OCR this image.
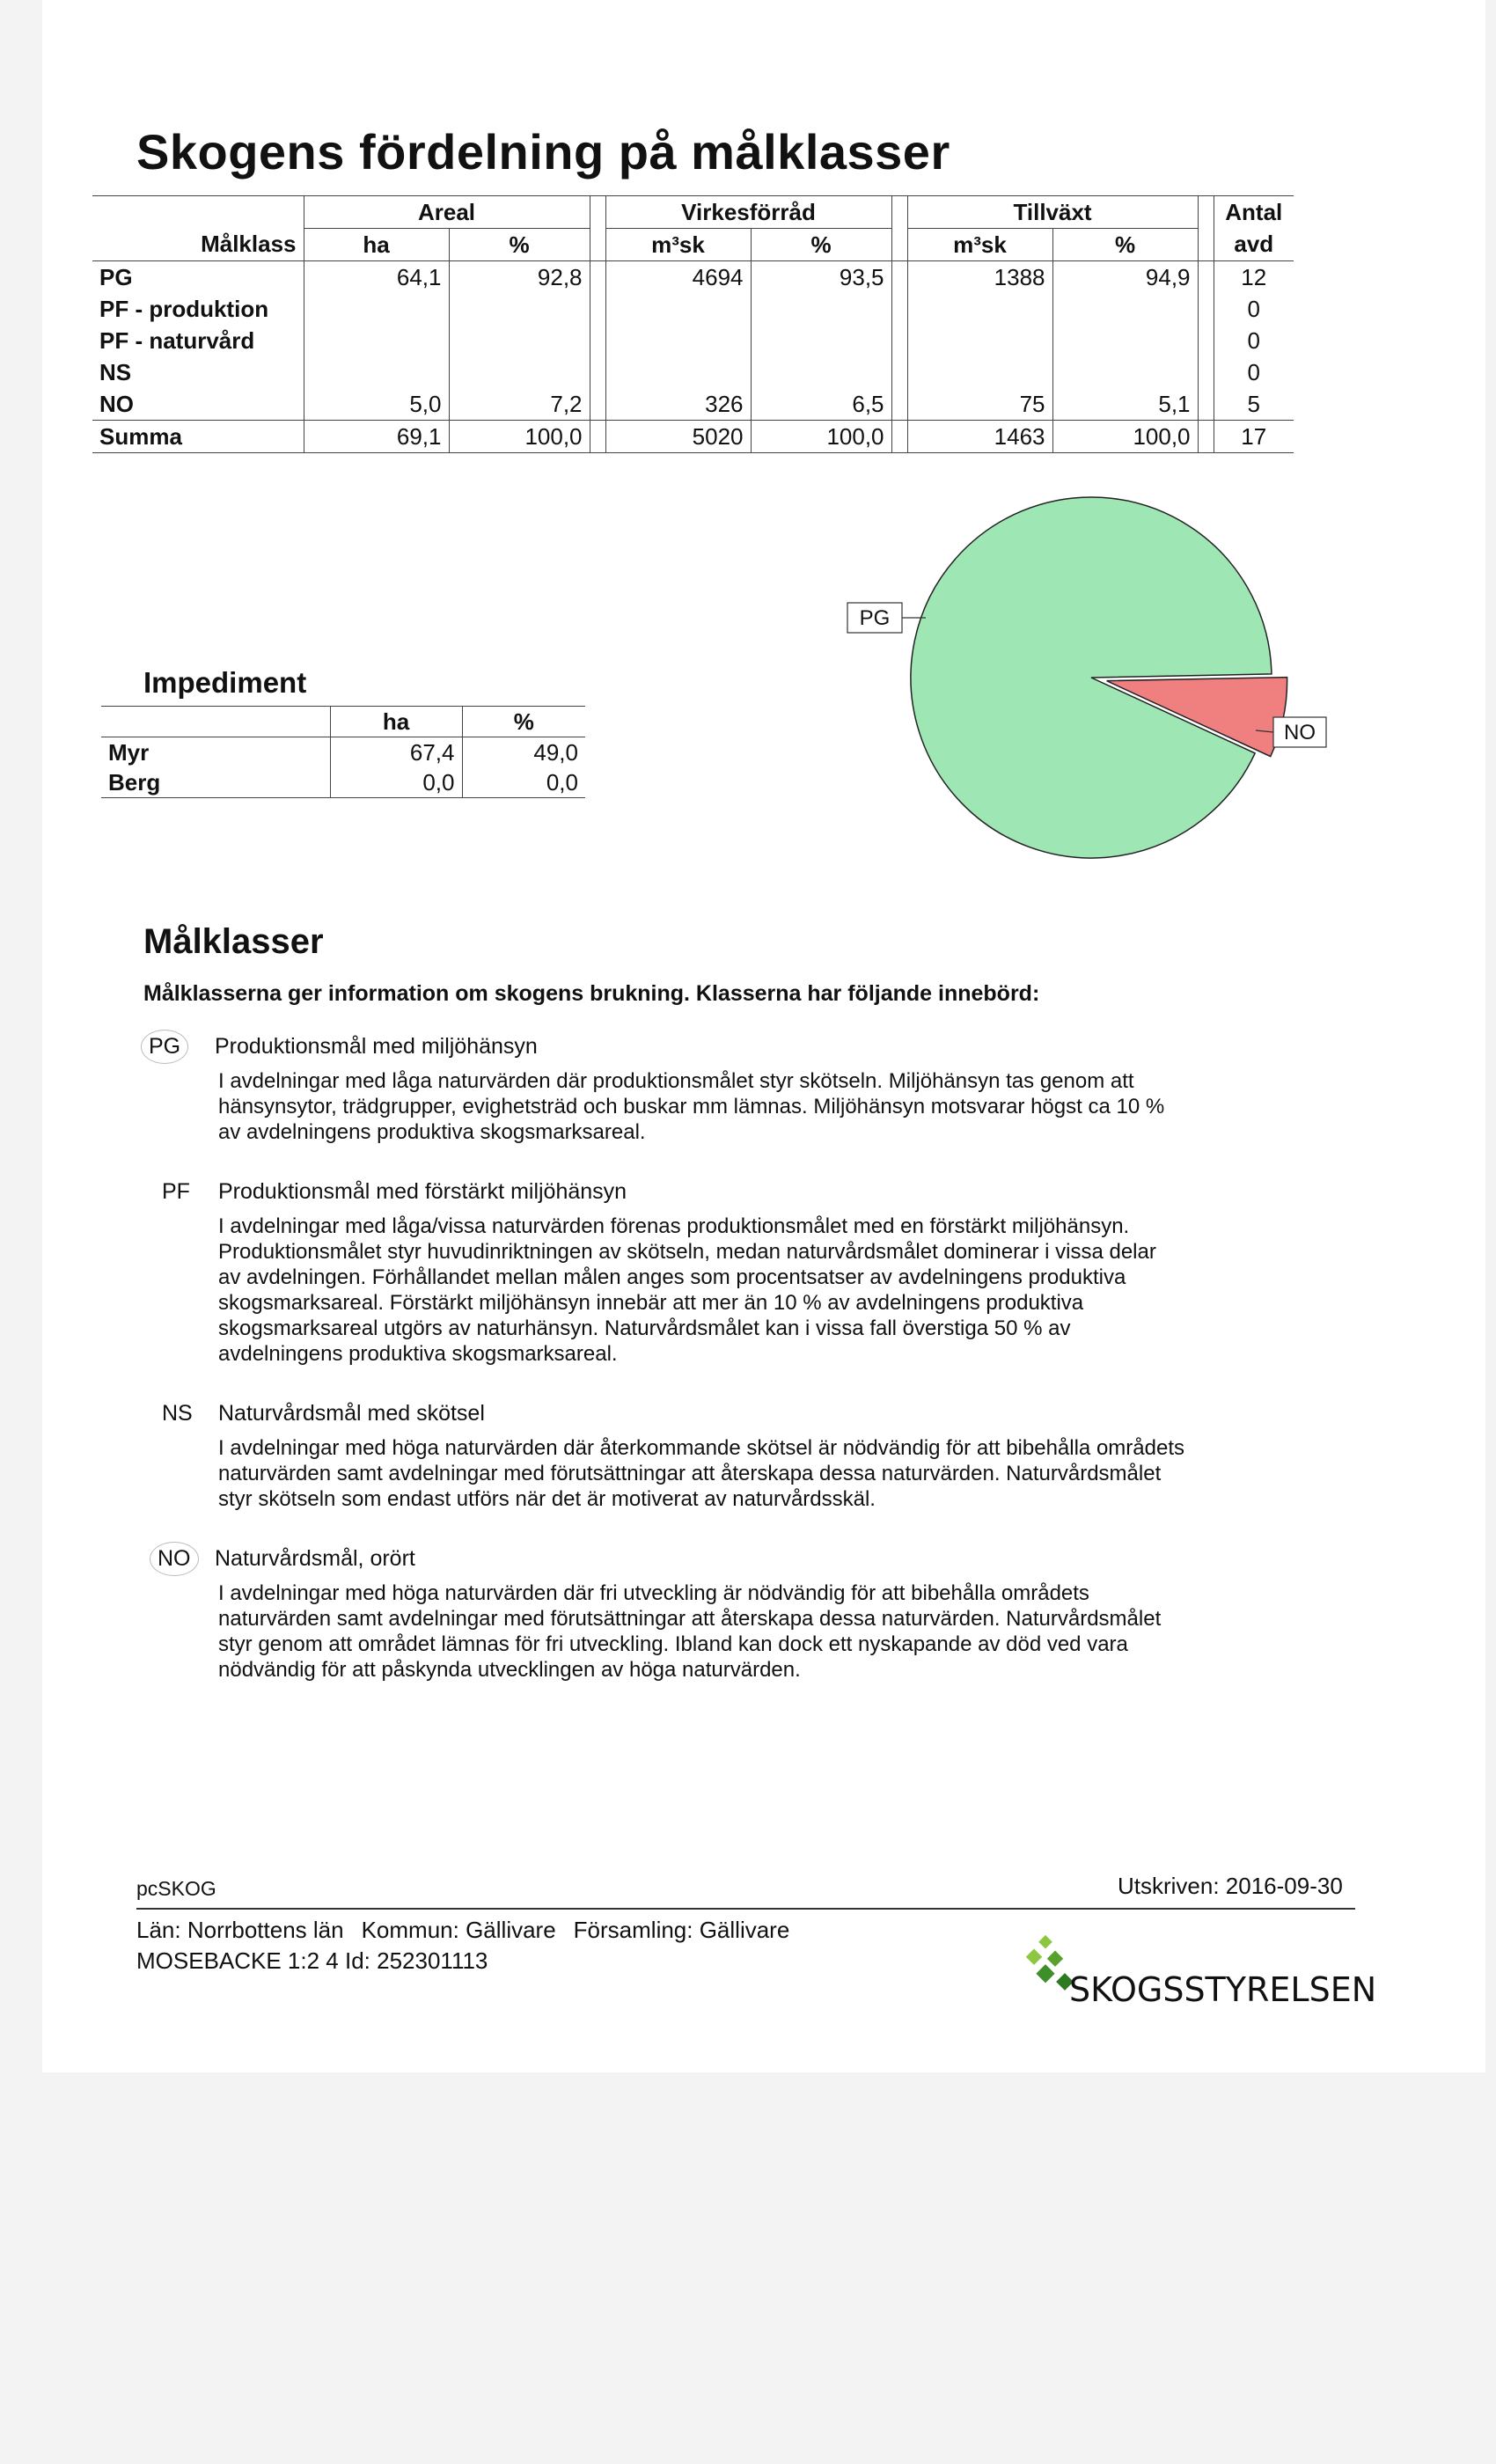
Skogens fördelning på målklasser
	Areal			Virkesförråd			Tillväxt			Antal
Målklass	ha	%		m³sk	%		m³sk	%		avd
PG	64,1	92,8		4694	93,5		1388	94,9		12
PF - produktion										0
PF - naturvård										0
NS										0
NO	5,0	7,2		326	6,5		75	5,1		5
Summa	69,1	100,0		5020	100,0		1463	100,0		17
Impediment
	ha	%
Myr	67,4	49,0
Berg	0,0	0,0
PG
NO
Målklasser
Målklasserna ger information om skogens brukning. Klasserna har följande innebörd:
PG	Produktionsmål med miljöhänsyn
I avdelningar med låga naturvärden där produktionsmålet styr skötseln. Miljöhänsyn tas genom att
hänsynsytor, trädgrupper, evighetsträd och buskar mm lämnas. Miljöhänsyn motsvarar högst ca 10 %
av avdelningens produktiva skogsmarksareal.
PF	Produktionsmål med förstärkt miljöhänsyn
I avdelningar med låga/vissa naturvärden förenas produktionsmålet med en förstärkt miljöhänsyn.
Produktionsmålet styr huvudinriktningen av skötseln, medan naturvårdsmålet dominerar i vissa delar
av avdelningen. Förhållandet mellan målen anges som procentsatser av avdelningens produktiva
skogsmarksareal. Förstärkt miljöhänsyn innebär att mer än 10 % av avdelningens produktiva
skogsmarksareal utgörs av naturhänsyn. Naturvårdsmålet kan i vissa fall överstiga 50 % av
avdelningens produktiva skogsmarksareal.
NS	Naturvårdsmål med skötsel
I avdelningar med höga naturvärden där återkommande skötsel är nödvändig för att bibehålla områdets
naturvärden samt avdelningar med förutsättningar att återskapa dessa naturvärden. Naturvårdsmålet
styr skötseln som endast utförs när det är motiverat av naturvårdsskäl.
NO	Naturvårdsmål, orört
I avdelningar med höga naturvärden där fri utveckling är nödvändig för att bibehålla områdets
naturvärden samt avdelningar med förutsättningar att återskapa dessa naturvärden. Naturvårdsmålet
styr genom att området lämnas för fri utveckling. Ibland kan dock ett nyskapande av död ved vara
nödvändig för att påskynda utvecklingen av höga naturvärden.
pcSKOG	Utskriven: 2016-09-30
Län: Norrbottens län Kommun: Gällivare Församling: Gällivare
MOSEBACKE 1:2 4 Id: 252301113
SKOGSSTYRELSEN
